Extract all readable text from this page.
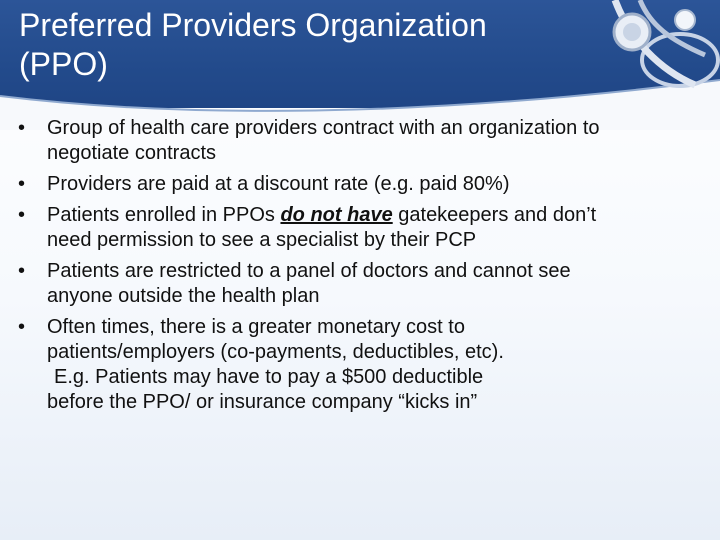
Preferred Providers Organization (PPO)
•	Group of health care providers contract with an organization to negotiate contracts
•	Providers are paid at a discount rate (e.g. paid 80%)
•	Patients enrolled in PPOs do not have gatekeepers and don’t need permission to see a specialist by their PCP
•	Patients are restricted to a panel of doctors and cannot see anyone outside the health plan
•	Often times, there is a greater monetary cost to patients/employers (co-payments, deductibles, etc).
E.g. Patients may have to pay a $500 deductible
before the PPO/ or insurance company “kicks in”
